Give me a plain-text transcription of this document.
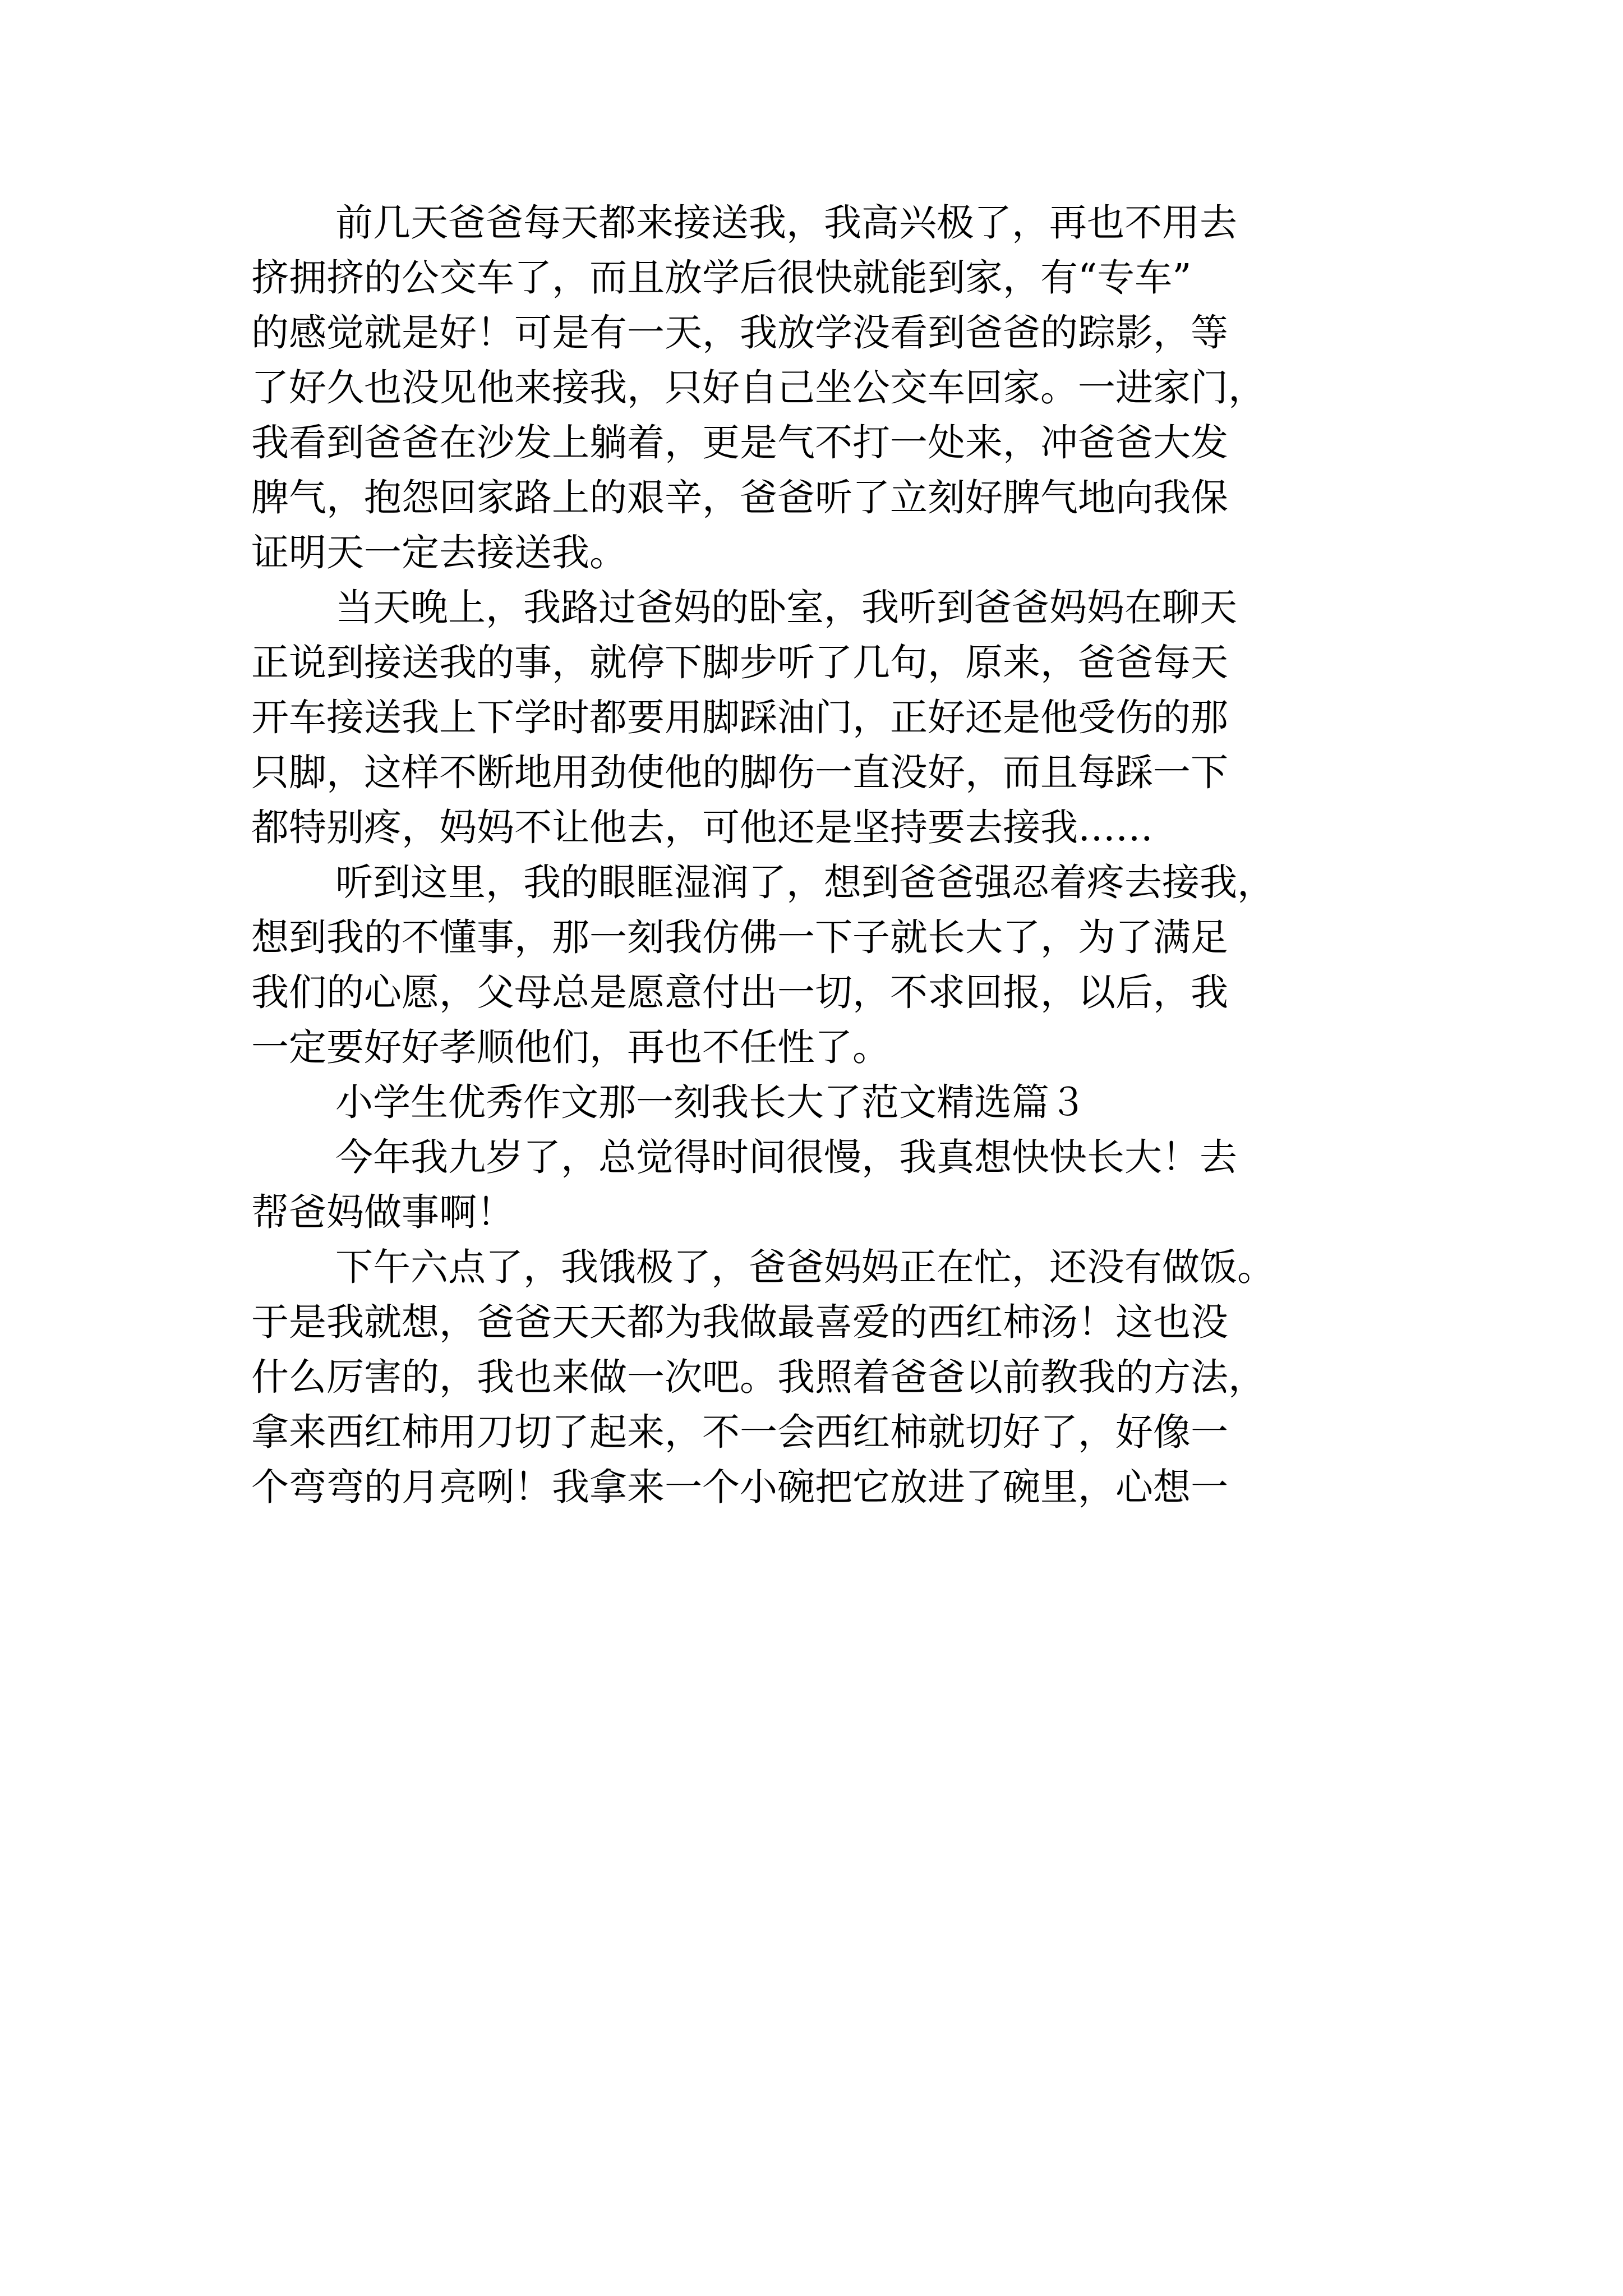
前几天爸爸每天都来接送我，我高兴极了，再也不用去
挤拥挤的公交车了，而且放学后很快就能到家，有“专车”
的感觉就是好！可是有一天，我放学没看到爸爸的踪影，等
了好久也没见他来接我，只好自己坐公交车回家。一进家门，
我看到爸爸在沙发上躺着，更是气不打一处来，冲爸爸大发
脾气，抱怨回家路上的艰辛，爸爸听了立刻好脾气地向我保
证明天一定去接送我。
当天晚上，我路过爸妈的卧室，我听到爸爸妈妈在聊天
正说到接送我的事，就停下脚步听了几句，原来，爸爸每天
开车接送我上下学时都要用脚踩油门，正好还是他受伤的那
只脚，这样不断地用劲使他的脚伤一直没好，而且每踩一下
都特别疼，妈妈不让他去，可他还是坚持要去接我……
听到这里，我的眼眶湿润了，想到爸爸强忍着疼去接我，
想到我的不懂事，那一刻我仿佛一下子就长大了，为了满足
我们的心愿，父母总是愿意付出一切，不求回报，以后，我
一定要好好孝顺他们，再也不任性了。
小学生优秀作文那一刻我长大了范文精选篇３
今年我九岁了，总觉得时间很慢，我真想快快长大！去
帮爸妈做事啊！
下午六点了，我饿极了，爸爸妈妈正在忙，还没有做饭。
于是我就想，爸爸天天都为我做最喜爱的西红柿汤！这也没
什么厉害的，我也来做一次吧。我照着爸爸以前教我的方法，
拿来西红柿用刀切了起来，不一会西红柿就切好了，好像一
个弯弯的月亮咧！我拿来一个小碗把它放进了碗里，心想一
